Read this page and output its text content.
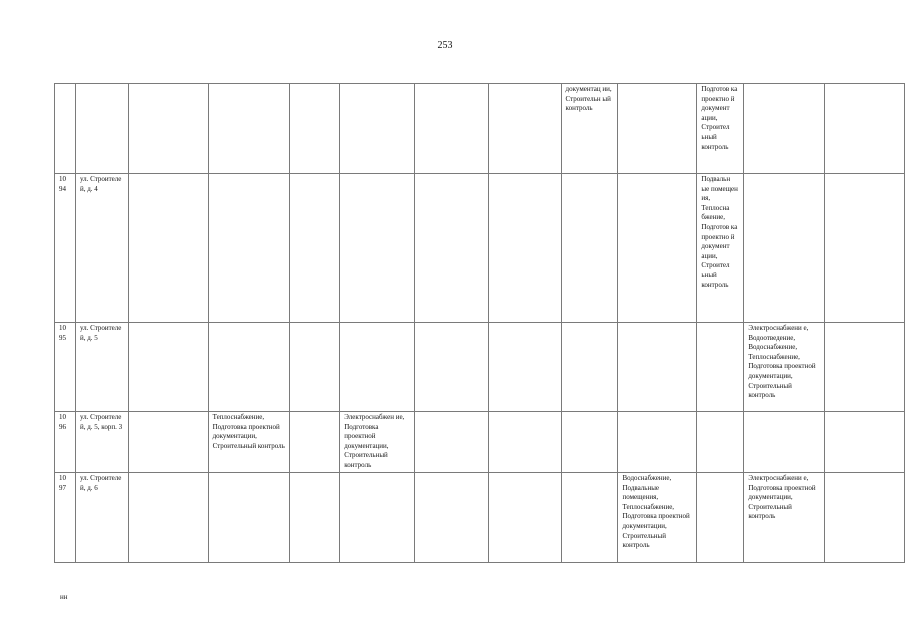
253
								документац ии, Строительн ый контроль		Подготов ка проектно й документ ации, Строител ьный контроль		
10 94	ул. Строителе й, д. 4									Подвальн ые помещен ия, Теплосна бжение, Подготов ка проектно й документ ации, Строител ьный контроль		
10 95	ул. Строителе й, д. 5										Электроснабжени е, Водоотведение, Водоснабжение, Теплоснабжение, Подготовка проектной документации, Строительный контроль	
10 96	ул. Строителе й, д. 5, корп. 3		Теплоснабжение, Подготовка проектной документации, Строительный контроль		Электроснабжен ие, Подготовка проектной документации, Строительный контроль							
10 97	ул. Строителе й, д. 6								Водоснабжение, Подвальные помещения, Теплоснабжение, Подготовка проектной документации, Строительный контроль		Электроснабжени е, Подготовка проектной документации, Строительный контроль	
нн
